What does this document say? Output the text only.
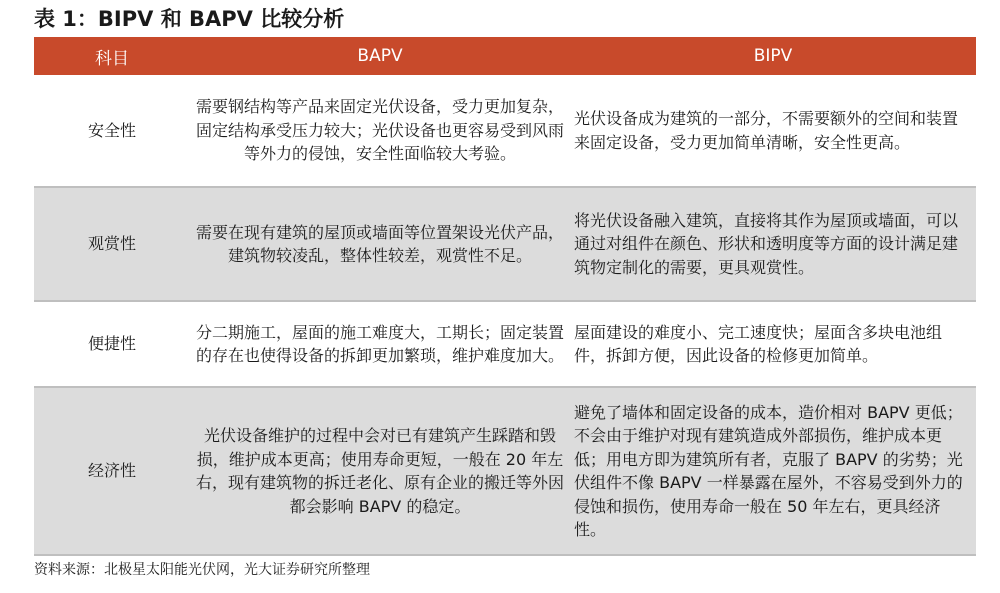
表 1：BIPV 和 BAPV 比较分析
科目	BAPV	BIPV
安全性	需要钢结构等产品来固定光伏设备，受力更加复杂，固定结构承受压力较大；光伏设备也更容易受到风雨等外力的侵蚀，安全性面临较大考验。	光伏设备成为建筑的一部分，不需要额外的空间和装置来固定设备，受力更加简单清晰，安全性更高。
观赏性	需要在现有建筑的屋顶或墙面等位置架设光伏产品，建筑物较凌乱，整体性较差，观赏性不足。	将光伏设备融入建筑，直接将其作为屋顶或墙面，可以通过对组件在颜色、形状和透明度等方面的设计满足建筑物定制化的需要，更具观赏性。
便捷性	分二期施工，屋面的施工难度大，工期长；固定装置的存在也使得设备的拆卸更加繁琐，维护难度加大。	屋面建设的难度小、完工速度快；屋面含多块电池组件，拆卸方便，因此设备的检修更加简单。
经济性	光伏设备维护的过程中会对已有建筑产生踩踏和毁损，维护成本更高；使用寿命更短，一般在 20 年左右，现有建筑物的拆迁老化、原有企业的搬迁等外因都会影响 BAPV 的稳定。	避免了墙体和固定设备的成本，造价相对 BAPV 更低；不会由于维护对现有建筑造成外部损伤，维护成本更低；用电方即为建筑所有者，克服了 BAPV 的劣势；光伏组件不像 BAPV 一样暴露在屋外，不容易受到外力的侵蚀和损伤，使用寿命一般在 50 年左右，更具经济性。
资料来源：北极星太阳能光伏网，光大证券研究所整理
